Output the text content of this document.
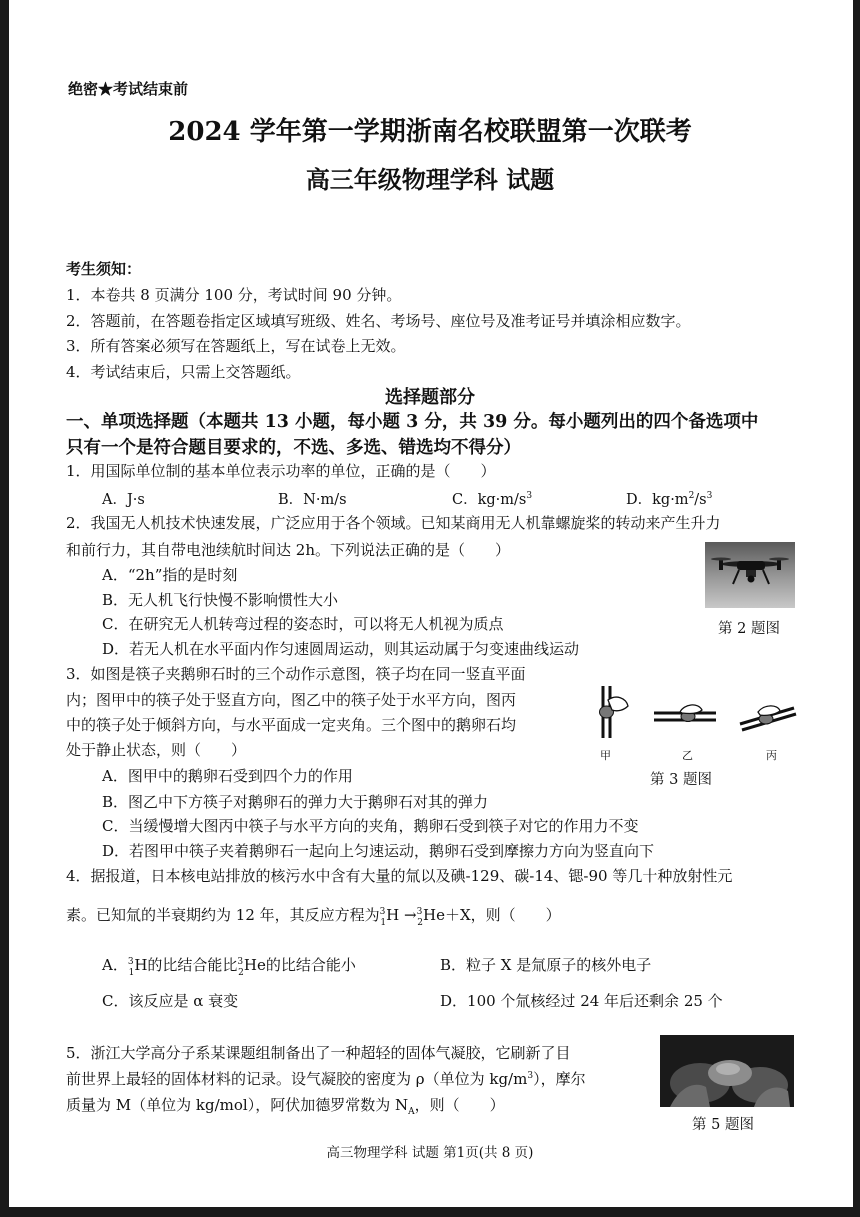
绝密★考试结束前
2024 学年第一学期浙南名校联盟第一次联考
高三年级物理学科 试题
考生须知：
1．本卷共 8 页满分 100 分，考试时间 90 分钟。
2．答题前，在答题卷指定区域填写班级、姓名、考场号、座位号及准考证号并填涂相应数字。
3．所有答案必须写在答题纸上，写在试卷上无效。
4．考试结束后，只需上交答题纸。
选择题部分
一、单项选择题（本题共 13 小题，每小题 3 分，共 39 分。每小题列出的四个备选项中
只有一个是符合题目要求的，不选、多选、错选均不得分）
1．用国际单位制的基本单位表示功率的单位，正确的是（　　）
A．J·s	B．N·m/s	C．$kg\cdot m/s^3$	D．$kg\cdot m^2/s^3$
2．我国无人机技术快速发展，广泛应用于各个领域。已知某商用无人机靠螺旋桨的转动来产生升力
和前行力，其自带电池续航时间达 2h。下列说法正确的是（　　）
A．“2h”指的是时刻
B．无人机飞行快慢不影响惯性大小
C．在研究无人机转弯过程的姿态时，可以将无人机视为质点
D．若无人机在水平面内作匀速圆周运动，则其运动属于匀变速曲线运动
第 2 题图
3．如图是筷子夹鹅卵石时的三个动作示意图，筷子均在同一竖直平面
内；图甲中的筷子处于竖直方向，图乙中的筷子处于水平方向，图丙
中的筷子处于倾斜方向，与水平面成一定夹角。三个图中的鹅卵石均
处于静止状态，则（　　）	甲	乙	丙
第 3 题图
A．图甲中的鹅卵石受到四个力的作用
B．图乙中下方筷子对鹅卵石的弹力大于鹅卵石对其的弹力
C．当缓慢增大图丙中筷子与水平方向的夹角，鹅卵石受到筷子对它的作用力不变
D．若图甲中筷子夹着鹅卵石一起向上匀速运动，鹅卵石受到摩擦力方向为竖直向下
4．据报道，日本核电站排放的核污水中含有大量的氚以及碘-129、碳-14、锶-90 等几十种放射性元
素。已知氚的半衰期约为 12 年，其反应方程为$^3_1$H →$^3_2$He＋X，则（　　）
A．$^3_1$H的比结合能比$^3_2$He的比结合能小	B．粒子 X 是氚原子的核外电子
C．该反应是 α 衰变	D．100 个氚核经过 24 年后还剩余 25 个
5．浙江大学高分子系某课题组制备出了一种超轻的固体气凝胶，它刷新了目
前世界上最轻的固体材料的记录。设气凝胶的密度为 ρ（单位为 $kg/m^3$），摩尔
质量为 M（单位为 kg/mol），阿伏加德罗常数为 $N_A$，则（　　）
第 5 题图
高三物理学科 试题 第1页(共 8 页)
